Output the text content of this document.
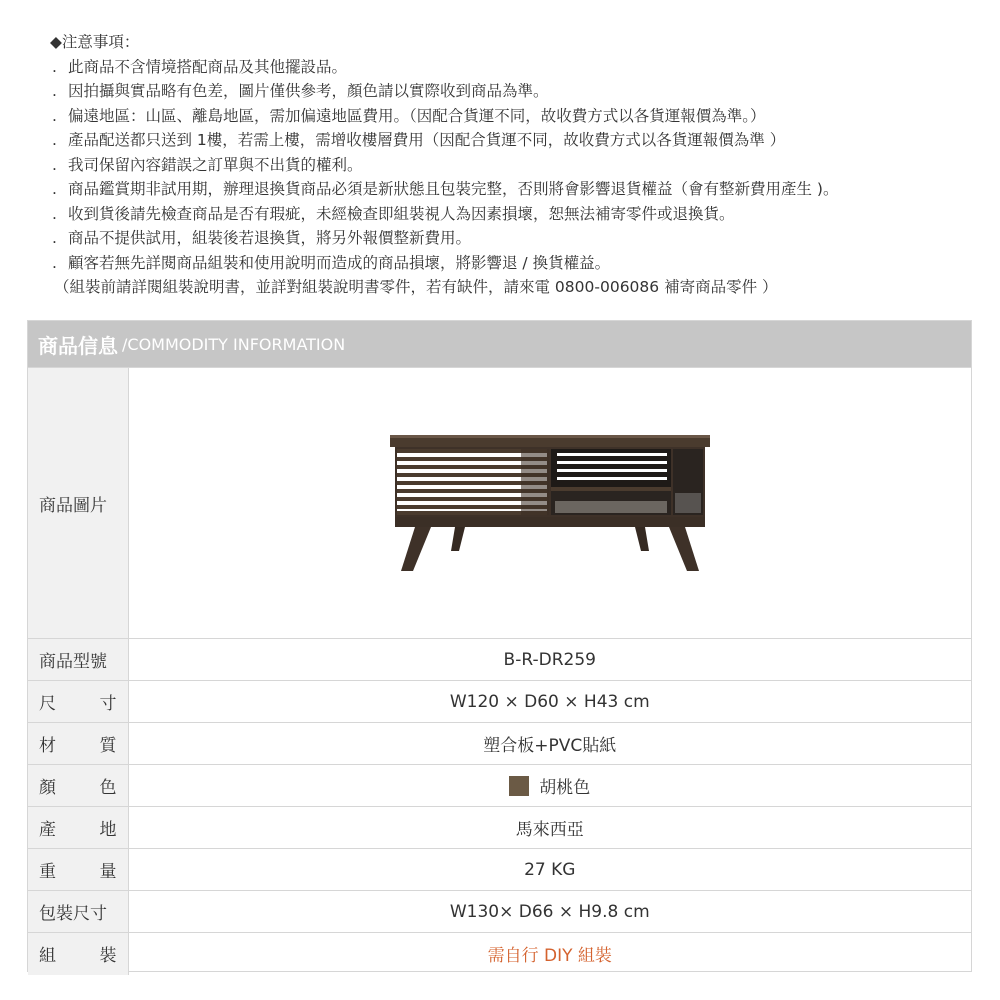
◆注意事項：
. 此商品不含情境搭配商品及其他擺設品。
. 因拍攝與實品略有色差，圖片僅供參考，顏色請以實際收到商品為準。
. 偏遠地區：山區、離島地區，需加偏遠地區費用。（因配合貨運不同，故收費方式以各貨運報價為準。）
. 產品配送都只送到 1樓，若需上樓，需增收樓層費用（因配合貨運不同，故收費方式以各貨運報價為準 ）
. 我司保留內容錯誤之訂單與不出貨的權利。
. 商品鑑賞期非試用期，辦理退換貨商品必須是新狀態且包裝完整，否則將會影響退貨權益（會有整新費用產生 )。
. 收到貨後請先檢查商品是否有瑕疵，未經檢查即組裝視人為因素損壞，恕無法補寄零件或退換貨。
. 商品不提供試用，組裝後若退換貨，將另外報價整新費用。
. 顧客若無先詳閱商品組裝和使用說明而造成的商品損壞，將影響退 / 換貨權益。
（組裝前請詳閱組裝說明書，並詳對組裝說明書零件，若有缺件，請來電 0800-006086 補寄商品零件 ）
商品信息 /COMMODITY INFORMATION
商品圖片	

商品型號	B-R-DR259

尺 寸	W120 × D60 × H43 cm

材 質	塑合板+PVC貼紙

顏 色	胡桃色

產 地	馬來西亞

重 量	27 KG
包裝尺寸	W130× D66 × H9.8 cm

組 裝	需自行 DIY 組裝
